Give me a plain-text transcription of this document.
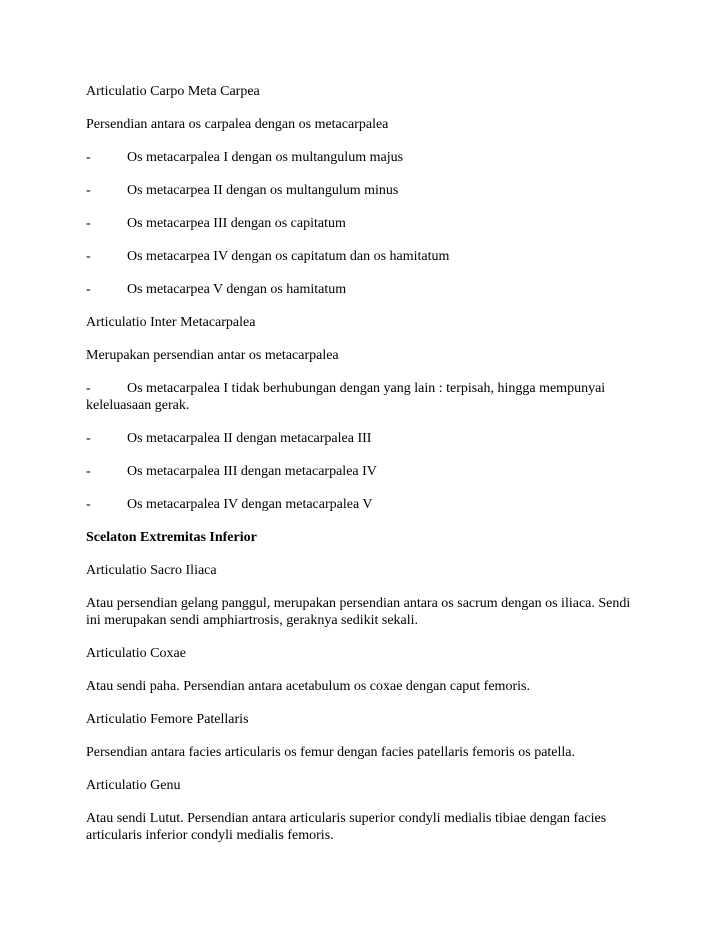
Articulatio Carpo Meta Carpea

Persendian antara os carpalea dengan os metacarpalea

-	Os metacarpalea I dengan os multangulum majus
-	Os metacarpea II dengan os multangulum minus
-	Os metacarpea III dengan os capitatum
-	Os metacarpea IV dengan os capitatum dan os hamitatum
-	Os metacarpea V dengan os hamitatum

Articulatio Inter Metacarpalea

Merupakan persendian antar os metacarpalea

-	Os metacarpalea I tidak berhubungan dengan yang lain : terpisah, hingga mempunyai keleluasaan gerak.

-	Os metacarpalea II dengan metacarpalea III
-	Os metacarpalea III dengan metacarpalea IV
-	Os metacarpalea IV dengan metacarpalea V

Scelaton Extremitas Inferior

Articulatio Sacro Iliaca

Atau persendian gelang panggul, merupakan persendian antara os sacrum dengan os iliaca. Sendi ini merupakan sendi amphiartrosis, geraknya sedikit sekali.

Articulatio Coxae

Atau sendi paha. Persendian antara acetabulum os coxae dengan caput femoris.

Articulatio Femore Patellaris

Persendian antara facies articularis os femur dengan facies patellaris femoris os patella.

Articulatio Genu

Atau sendi Lutut. Persendian antara articularis superior condyli medialis tibiae dengan facies articularis inferior condyli medialis femoris.
